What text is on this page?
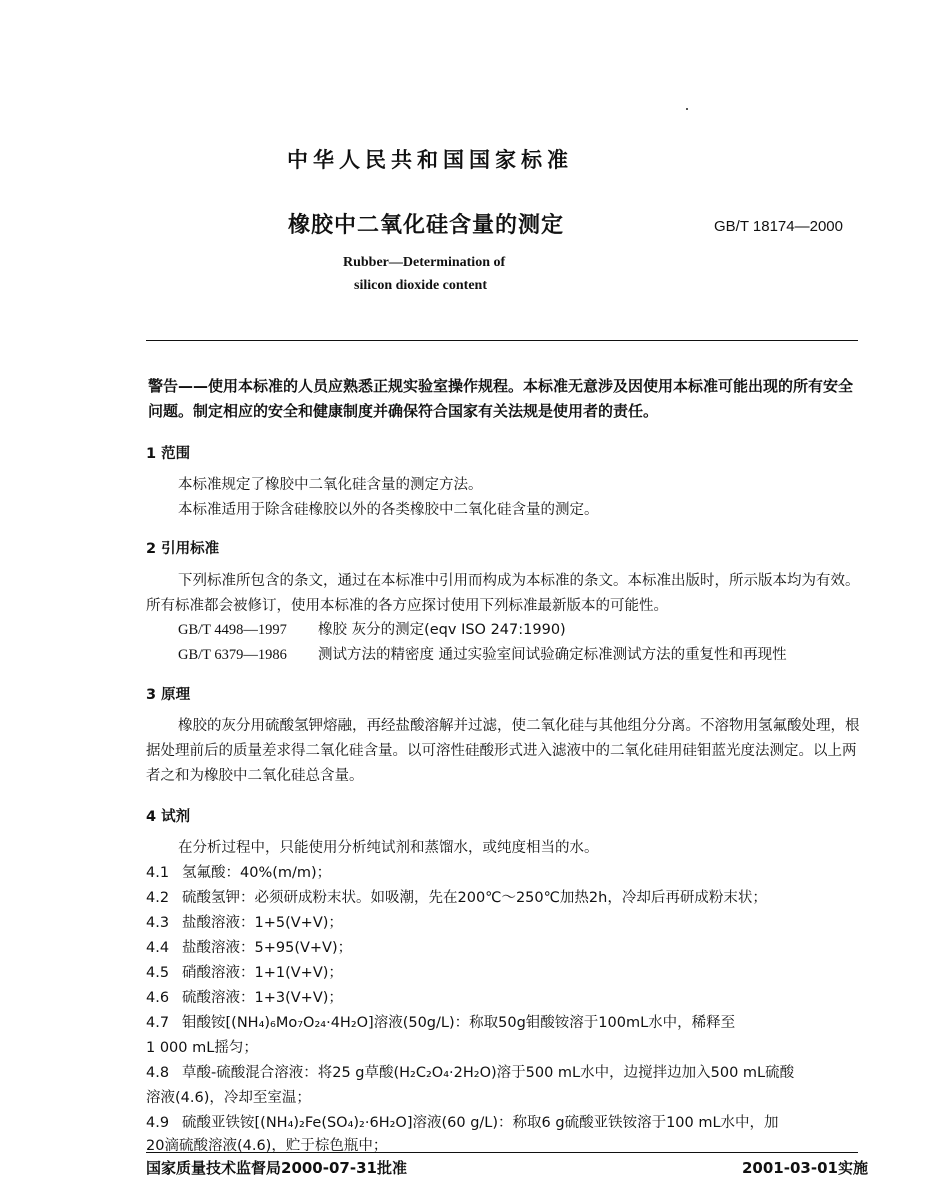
中华人民共和国国家标准
橡胶中二氧化硅含量的测定	GB/T 18174—2000
Rubber—Determination of
silicon dioxide content
警告——使用本标准的人员应熟悉正规实验室操作规程。本标准无意涉及因使用本标准可能出现的所有安全问题。制定相应的安全和健康制度并确保符合国家有关法规是使用者的责任。
1 范围
本标准规定了橡胶中二氧化硅含量的测定方法。
本标准适用于除含硅橡胶以外的各类橡胶中二氧化硅含量的测定。
2 引用标准
下列标准所包含的条文，通过在本标准中引用而构成为本标准的条文。本标准出版时，所示版本均为有效。所有标准都会被修订，使用本标准的各方应探讨使用下列标准最新版本的可能性。
GB/T 4498—1997 橡胶 灰分的测定(eqv ISO 247:1990)
GB/T 6379—1986 测试方法的精密度 通过实验室间试验确定标准测试方法的重复性和再现性
3 原理
橡胶的灰分用硫酸氢钾熔融，再经盐酸溶解并过滤，使二氧化硅与其他组分分离。不溶物用氢氟酸处理，根据处理前后的质量差求得二氧化硅含量。以可溶性硅酸形式进入滤液中的二氧化硅用硅钼蓝光度法测定。以上两者之和为橡胶中二氧化硅总含量。
4 试剂
在分析过程中，只能使用分析纯试剂和蒸馏水，或纯度相当的水。
4.1 氢氟酸：40%(m/m)；
4.2 硫酸氢钾：必须研成粉末状。如吸潮，先在200℃～250℃加热2h，冷却后再研成粉末状；
4.3 盐酸溶液：1+5(V+V)；
4.4 盐酸溶液：5+95(V+V)；
4.5 硝酸溶液：1+1(V+V)；
4.6 硫酸溶液：1+3(V+V)；
4.7 钼酸铵[(NH₄)₆Mo₇O₂₄·4H₂O]溶液(50g/L)：称取50g钼酸铵溶于100mL水中，稀释至
1 000 mL摇匀；
4.8 草酸-硫酸混合溶液：将25 g草酸(H₂C₂O₄·2H₂O)溶于500 mL水中，边搅拌边加入500 mL硫酸
溶液(4.6)，冷却至室温；
4.9 硫酸亚铁铵[(NH₄)₂Fe(SO₄)₂·6H₂O]溶液(60 g/L)：称取6 g硫酸亚铁铵溶于100 mL水中，加
20滴硫酸溶液(4.6)，贮于棕色瓶中；
国家质量技术监督局2000-07-31批准	2001-03-01实施
